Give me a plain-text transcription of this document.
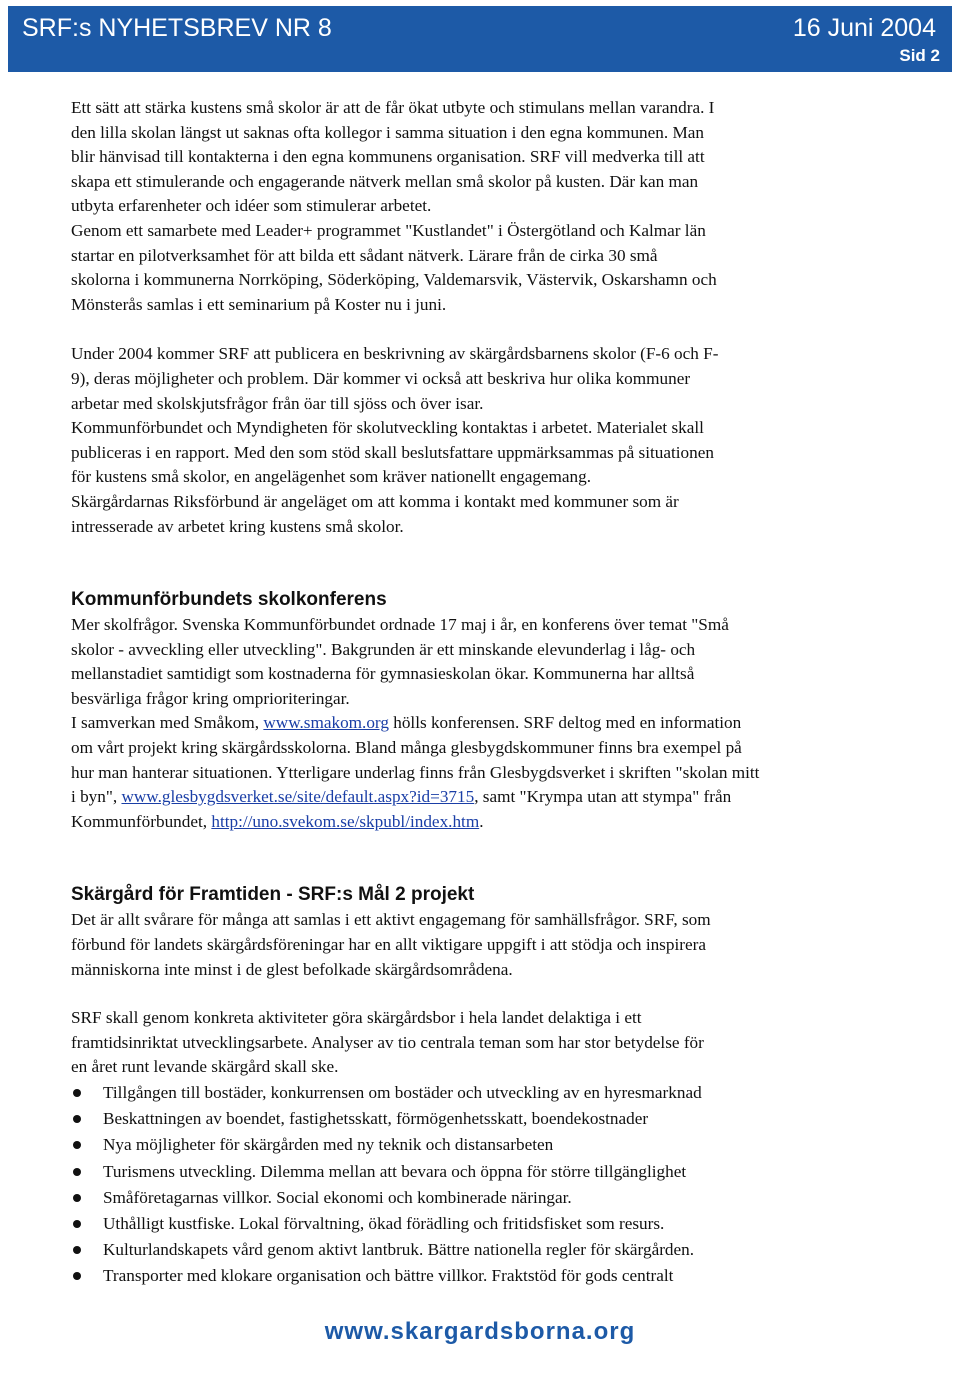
SRF:s NYHETSBREV NR 8	16 Juni 2004
Sid 2

Ett sätt att stärka kustens små skolor är att de får ökat utbyte och stimulans mellan varandra. I
den lilla skolan längst ut saknas ofta kollegor i samma situation i den egna kommunen. Man
blir hänvisad till kontakterna i den egna kommunens organisation. SRF vill medverka till att
skapa ett stimulerande och engagerande nätverk mellan små skolor på kusten. Där kan man
utbyta erfarenheter och idéer som stimulerar arbetet.
Genom ett samarbete med Leader+ programmet "Kustlandet" i Östergötland och Kalmar län
startar en pilotverksamhet för att bilda ett sådant nätverk. Lärare från de cirka 30 små
skolorna i kommunerna Norrköping, Söderköping, Valdemarsvik, Västervik, Oskarshamn och
Mönsterås samlas i ett seminarium på Koster nu i juni.

Under 2004 kommer SRF att publicera en beskrivning av skärgårdsbarnens skolor (F-6 och F-
9), deras möjligheter och problem. Där kommer vi också att beskriva hur olika kommuner
arbetar med skolskjutsfrågor från öar till sjöss och över isar.
Kommunförbundet och Myndigheten för skolutveckling kontaktas i arbetet. Materialet skall
publiceras i en rapport. Med den som stöd skall beslutsfattare uppmärksammas på situationen
för kustens små skolor, en angelägenhet som kräver nationellt engagemang.
Skärgårdarnas Riksförbund är angeläget om att komma i kontakt med kommuner som är
intresserade av arbetet kring kustens små skolor.

Kommunförbundets skolkonferens

Mer skolfrågor. Svenska Kommunförbundet ordnade 17 maj i år, en konferens över temat "Små
skolor - avveckling eller utveckling". Bakgrunden är ett minskande elevunderlag i låg- och
mellanstadiet samtidigt som kostnaderna för gymnasieskolan ökar. Kommunerna har alltså
besvärliga frågor kring omprioriteringar.
I samverkan med Småkom, www.smakom.org hölls konferensen. SRF deltog med en information
om vårt projekt kring skärgårdsskolorna. Bland många glesbygdskommuner finns bra exempel på
hur man hanterar situationen. Ytterligare underlag finns från Glesbygdsverket i skriften "skolan mitt
i byn", www.glesbygdsverket.se/site/default.aspx?id=3715, samt "Krympa utan att stympa" från
Kommunförbundet, http://uno.svekom.se/skpubl/index.htm.

Skärgård för Framtiden - SRF:s Mål 2 projekt

Det är allt svårare för många att samlas i ett aktivt engagemang för samhällsfrågor. SRF, som
förbund för landets skärgårdsföreningar har en allt viktigare uppgift i att stödja och inspirera
människorna inte minst i de glest befolkade skärgårdsområdena.

SRF skall genom konkreta aktiviteter göra skärgårdsbor i hela landet delaktiga i ett
framtidsinriktat utvecklingsarbete. Analyser av tio centrala teman som har stor betydelse för
en året runt levande skärgård skall ske.

Tillgången till bostäder, konkurrensen om bostäder och utveckling av en hyresmarknad
Beskattningen av boendet, fastighetsskatt, förmögenhetsskatt, boendekostnader
Nya möjligheter för skärgården med ny teknik och distansarbeten
Turismens utveckling. Dilemma mellan att bevara och öppna för större tillgänglighet
Småföretagarnas villkor. Social ekonomi och kombinerade näringar.
Uthålligt kustfiske. Lokal förvaltning, ökad förädling och fritidsfisket som resurs.
Kulturlandskapets vård genom aktivt lantbruk. Bättre nationella regler för skärgården.
Transporter med klokare organisation och bättre villkor. Fraktstöd för gods centralt
www.skargardsborna.org
